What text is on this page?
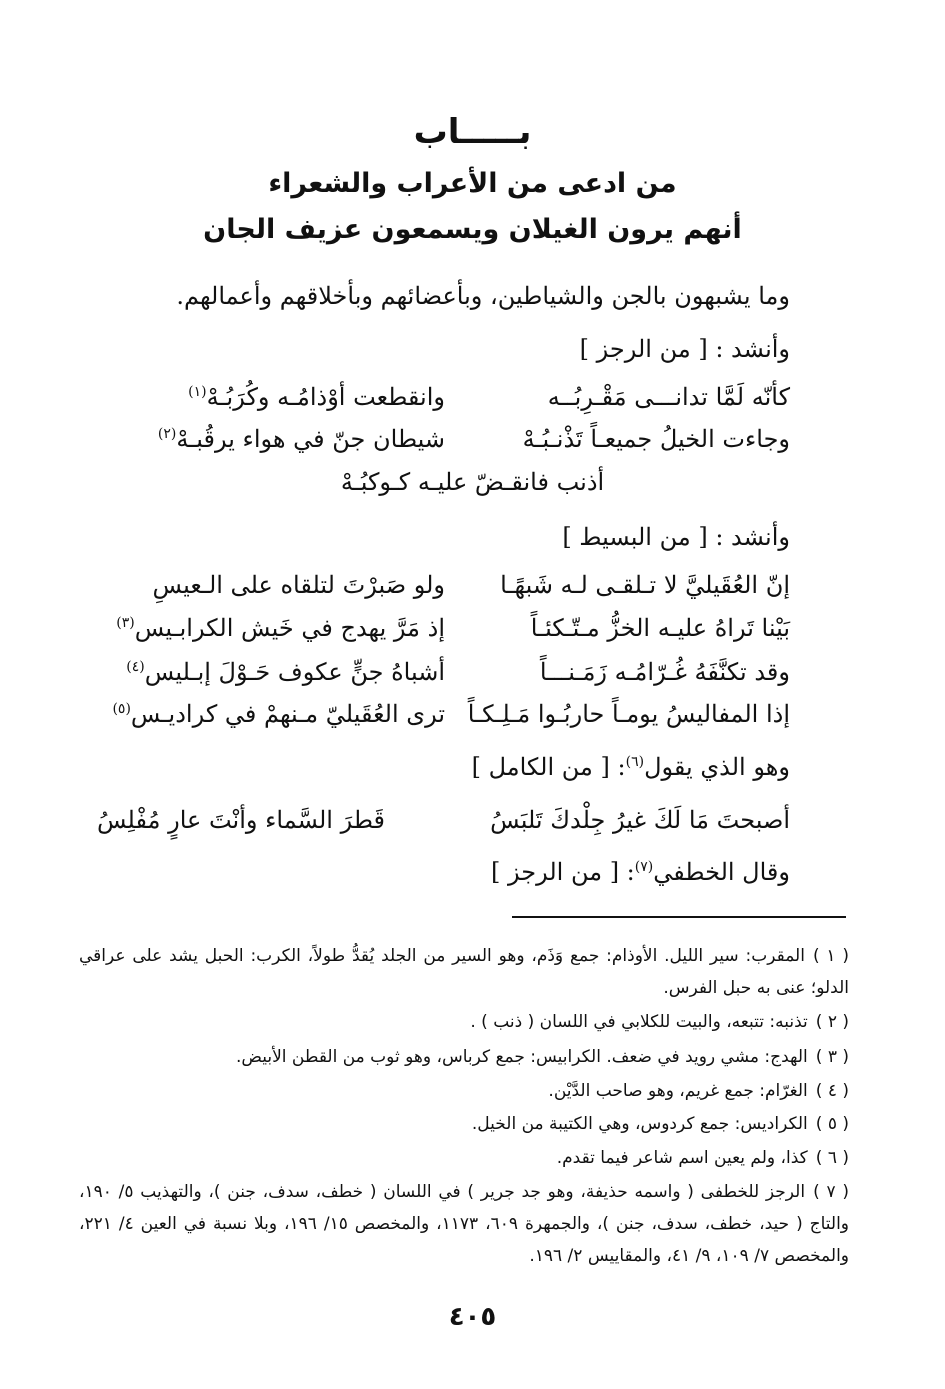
بـــــاب
من ادعى من الأعراب والشعراء
أنهم يرون الغيلان ويسمعون عزيف الجان
وما يشبهون بالجن والشياطين، وبأعضائهم وبأخلاقهم وأعمالهم.
وأنشد : [ من الرجز ]
كأنّه لَمَّا تدانـــى مَقْـرِبُــه
وانقطعت أوْذامُـه وكُرَبُـهْ$^{(١)}$
وجاءت الخيلُ جميعـاً تَذْنـبُـهْ
شيطان جنّ في هواء يرقُبـهْ$^{(٢)}$
أذنب فانقـضّ عليـه كـوكبُـهْ
وأنشد : [ من البسيط ]
إنّ العُقَيليَّ لا تـلقـى لـه شَبهًـا
ولو صَبرْتَ لتلقاه على الـعيسِ
بَيْنا تَراهُ عليـه الخزُّ مـتّـكئـاً
إذ مَرَّ يهدج في خَيش الكرابـيس$^{(٣)}$
وقد تكنَّفَهُ غُـرّامُـه زَمَـنـــاً
أشباهُ جنٍّ عكوف حَـوْلَ إبـليس$^{(٤)}$
إذا المفاليسُ يومـاً حاربُـوا مَـلِـكـاً
ترى العُقَيليّ مـنهمْ في كراديـس$^{(٥)}$
وهو الذي يقول$^{(٦)}$: [ من الكامل ]
أصبحتَ مَا لَكَ غيرُ جِلْدكَ تَلبَسُ
قَطرَ السَّماء وأنْتَ عارٍ مُفْلِسُ
وقال الخطفي$^{(٧)}$: [ من الرجز ]
( ١ )المقرب: سير الليل. الأوذام: جمع وَذَم، وهو السير من الجلد يُقدُّ طولاً، الكرب: الحبل يشد على عراقي الدلو؛ عنى به حبل الفرس.
( ٢ )تذنبه: تتبعه، والبيت للكلابي في اللسان ( ذنب ) .
( ٣ )الهدج: مشي رويد في ضعف. الكرابيس: جمع كرباس، وهو ثوب من القطن الأبيض.
( ٤ )الغرّام: جمع غريم، وهو صاحب الدَّيْن.
( ٥ )الكراديس: جمع كردوس، وهي الكتيبة من الخيل.
( ٦ )كذا، ولم يعين اسم شاعر فيما تقدم.
( ٧ )الرجز للخطفى ( واسمه حذيفة، وهو جد جرير ) في اللسان ( خطف، سدف، جنن )، والتهذيب ٥/ ١٩٠، والتاج ( حيد، خطف، سدف، جنن )، والجمهرة ٦٠٩، ١١٧٣، والمخصص ١٥/ ١٩٦، وبلا نسبة في العين ٤/ ٢٢١، والمخصص ٧/ ١٠٩، ٩/ ٤١، والمقاييس ٢/ ١٩٦.
٤٠٥
